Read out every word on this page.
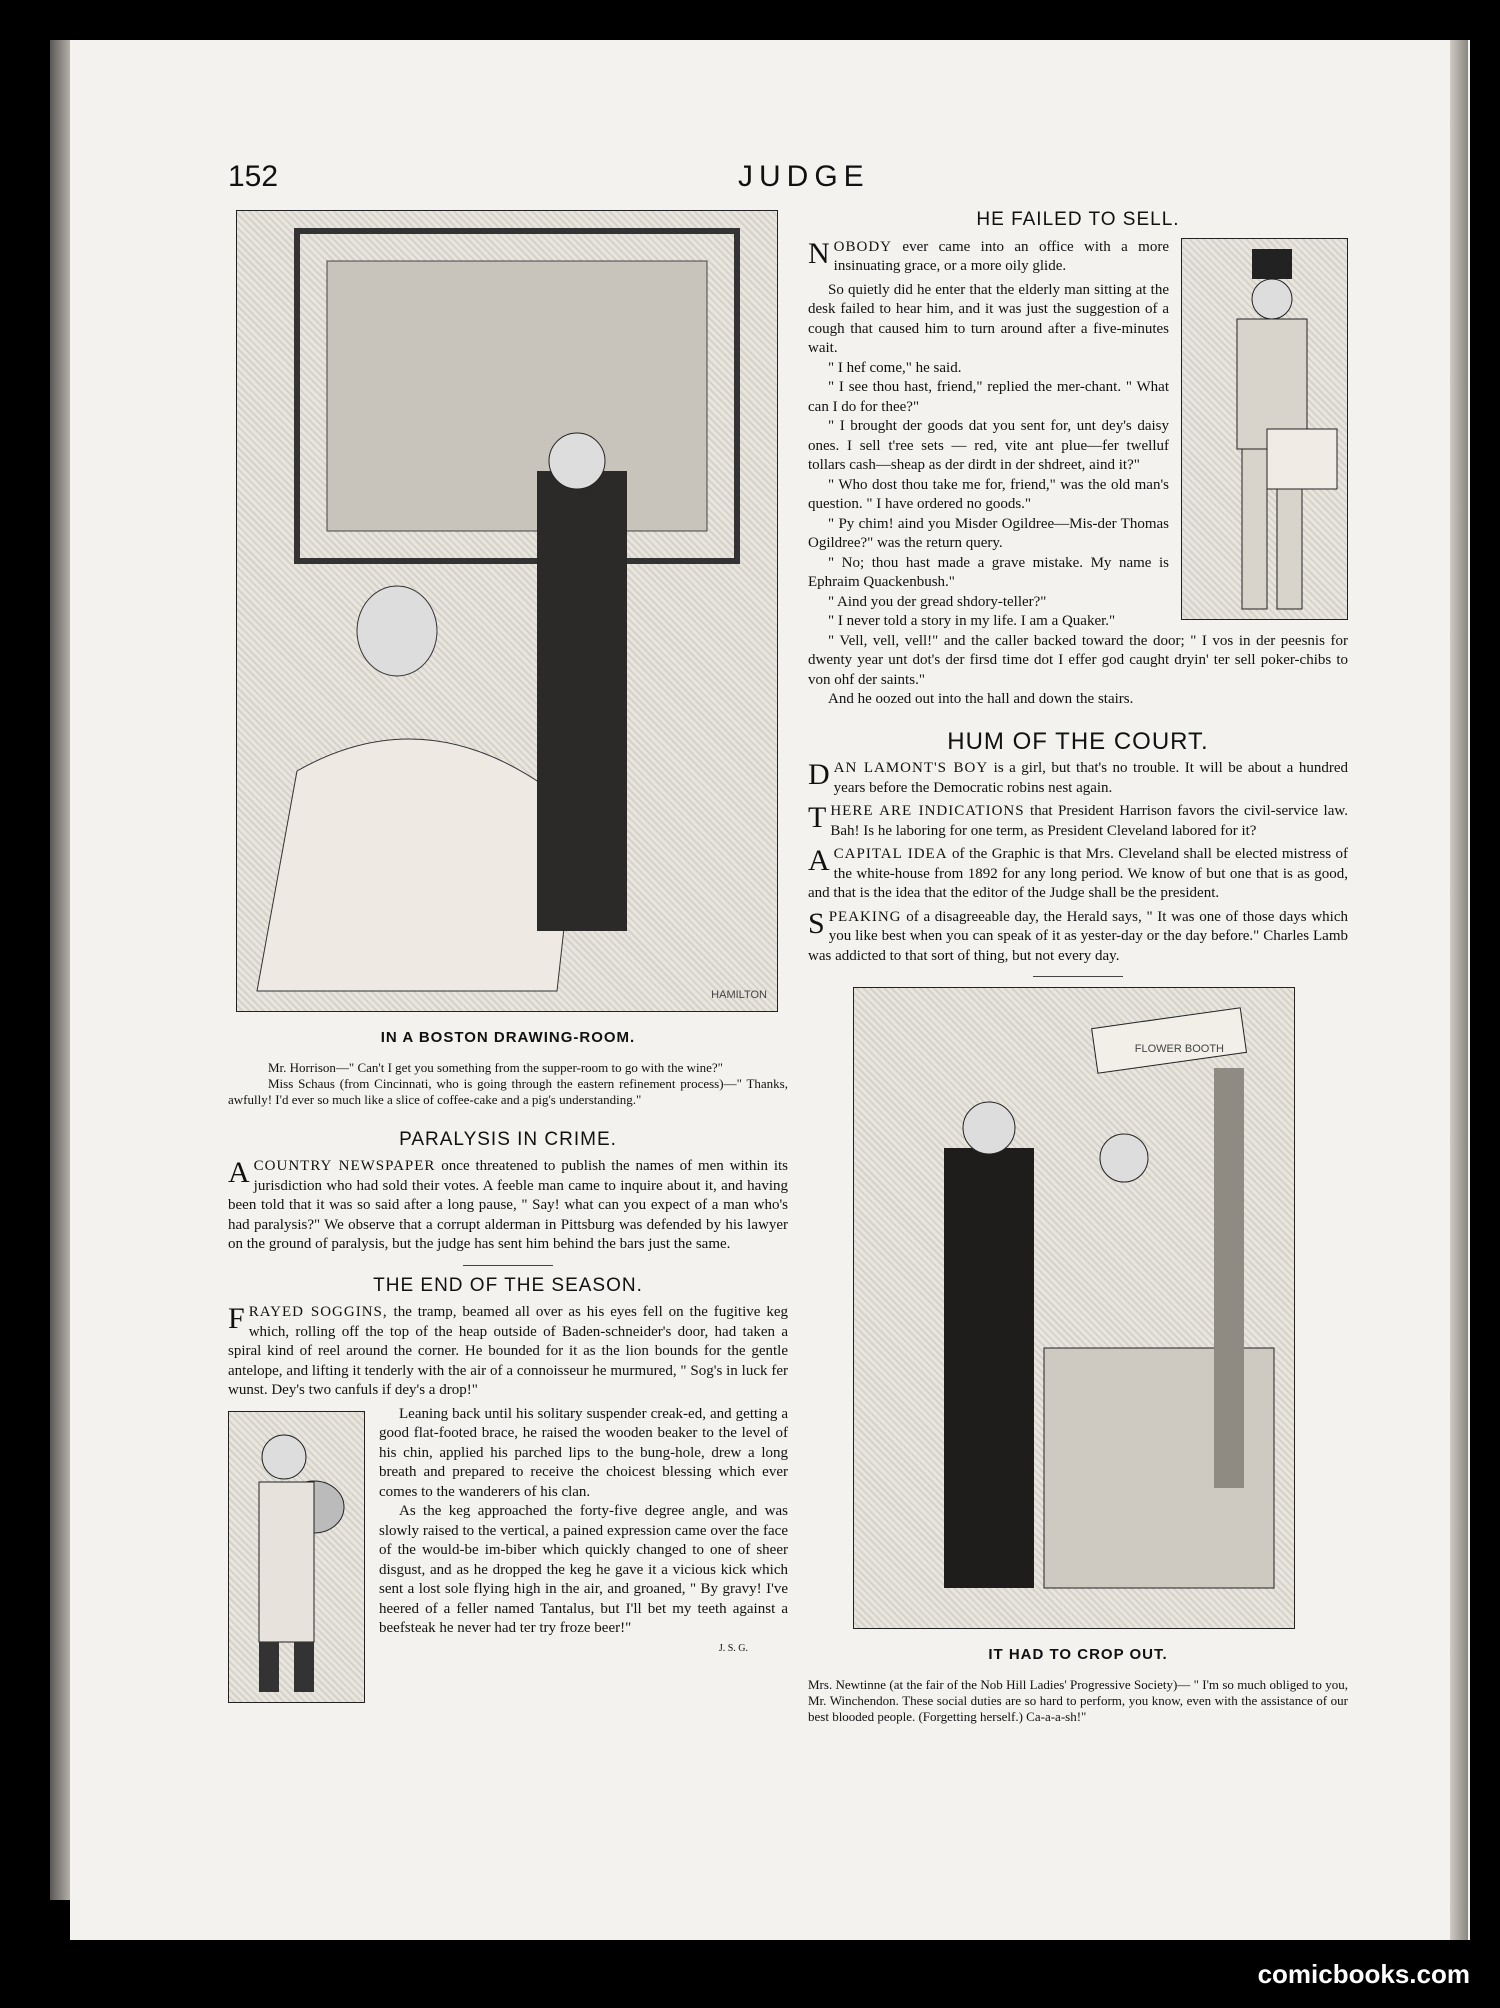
152	JUDGE
HAMILTON
IN A BOSTON DRAWING-ROOM.

Mr. Horrison—" Can't I get you something from the supper-room to go with the wine?"

Miss Schaus (from Cincinnati, who is going through the eastern refinement process)—" Thanks, awfully! I'd ever so much like a slice of coffee-cake and a pig's understanding."

PARALYSIS IN CRIME.

ACOUNTRY NEWSPAPER once threatened to publish the names of men within its jurisdiction who had sold their votes. A feeble man came to inquire about it, and having been told that it was so said after a long pause, " Say! what can you expect of a man who's had paralysis?" We observe that a corrupt alderman in Pittsburg was defended by his lawyer on the ground of paralysis, but the judge has sent him behind the bars just the same.

THE END OF THE SEASON.

FRAYED SOGGINS, the tramp, beamed all over as his eyes fell on the fugitive keg which, rolling off the top of the heap outside of Baden-schneider's door, had taken a spiral kind of reel around the corner. He bounded for it as the lion bounds for the gentle antelope, and lifting it tenderly with the air of a connoisseur he murmured, " Sog's in luck fer wunst. Dey's two canfuls if dey's a drop!"

Leaning back until his solitary suspender creak-ed, and getting a good flat-footed brace, he raised the wooden beaker to the level of his chin, applied his parched lips to the bung-hole, drew a long breath and prepared to receive the choicest blessing which ever comes to the wanderers of his clan.

As the keg approached the forty-five degree angle, and was slowly raised to the vertical, a pained expression came over the face of the would-be im-biber which quickly changed to one of sheer disgust, and as he dropped the keg he gave it a vicious kick which sent a lost sole flying high in the air, and groaned, " By gravy! I've heered of a feller named Tantalus, but I'll bet my teeth against a beefsteak he never had ter try froze beer!"

J. S. G.
HE FAILED TO SELL.

NOBODY ever came into an office with a more insinuating grace, or a more oily glide.

So quietly did he enter that the elderly man sitting at the desk failed to hear him, and it was just the suggestion of a cough that caused him to turn around after a five-minutes wait.

" I hef come," he said.

" I see thou hast, friend," replied the mer-chant. " What can I do for thee?"

" I brought der goods dat you sent for, unt dey's daisy ones. I sell t'ree sets — red, vite ant plue—fer twelluf tollars cash—sheap as der dirdt in der shdreet, aind it?"

" Who dost thou take me for, friend," was the old man's question. " I have ordered no goods."

" Py chim! aind you Misder Ogildree—Mis-der Thomas Ogildree?" was the return query.

" No; thou hast made a grave mistake. My name is Ephraim Quackenbush."

" Aind you der gread shdory-teller?"

" I never told a story in my life. I am a Quaker."

" Vell, vell, vell!" and the caller backed toward the door; " I vos in der peesnis for dwenty year unt dot's der firsd time dot I effer god caught dryin' ter sell poker-chibs to von ohf der saints."

And he oozed out into the hall and down the stairs.

HUM OF THE COURT.

DAN LAMONT'S BOY is a girl, but that's no trouble. It will be about a hundred years before the Democratic robins nest again.

THERE ARE INDICATIONS that President Harrison favors the civil-service law. Bah! Is he laboring for one term, as President Cleveland labored for it?

ACAPITAL IDEA of the Graphic is that Mrs. Cleveland shall be elected mistress of the white-house from 1892 for any long period. We know of but one that is as good, and that is the idea that the editor of the Judge shall be the president.

SPEAKING of a disagreeable day, the Herald says, " It was one of those days which you like best when you can speak of it as yester-day or the day before." Charles Lamb was addicted to that sort of thing, but not every day.

FLOWER BOOTH
IT HAD TO CROP OUT.
Mrs. Newtinne (at the fair of the Nob Hill Ladies' Progressive Society)— " I'm so much obliged to you, Mr. Winchendon. These social duties are so hard to perform, you know, even with the assistance of our best blooded people. (Forgetting herself.) Ca-a-a-sh!"
comicbooks.com
